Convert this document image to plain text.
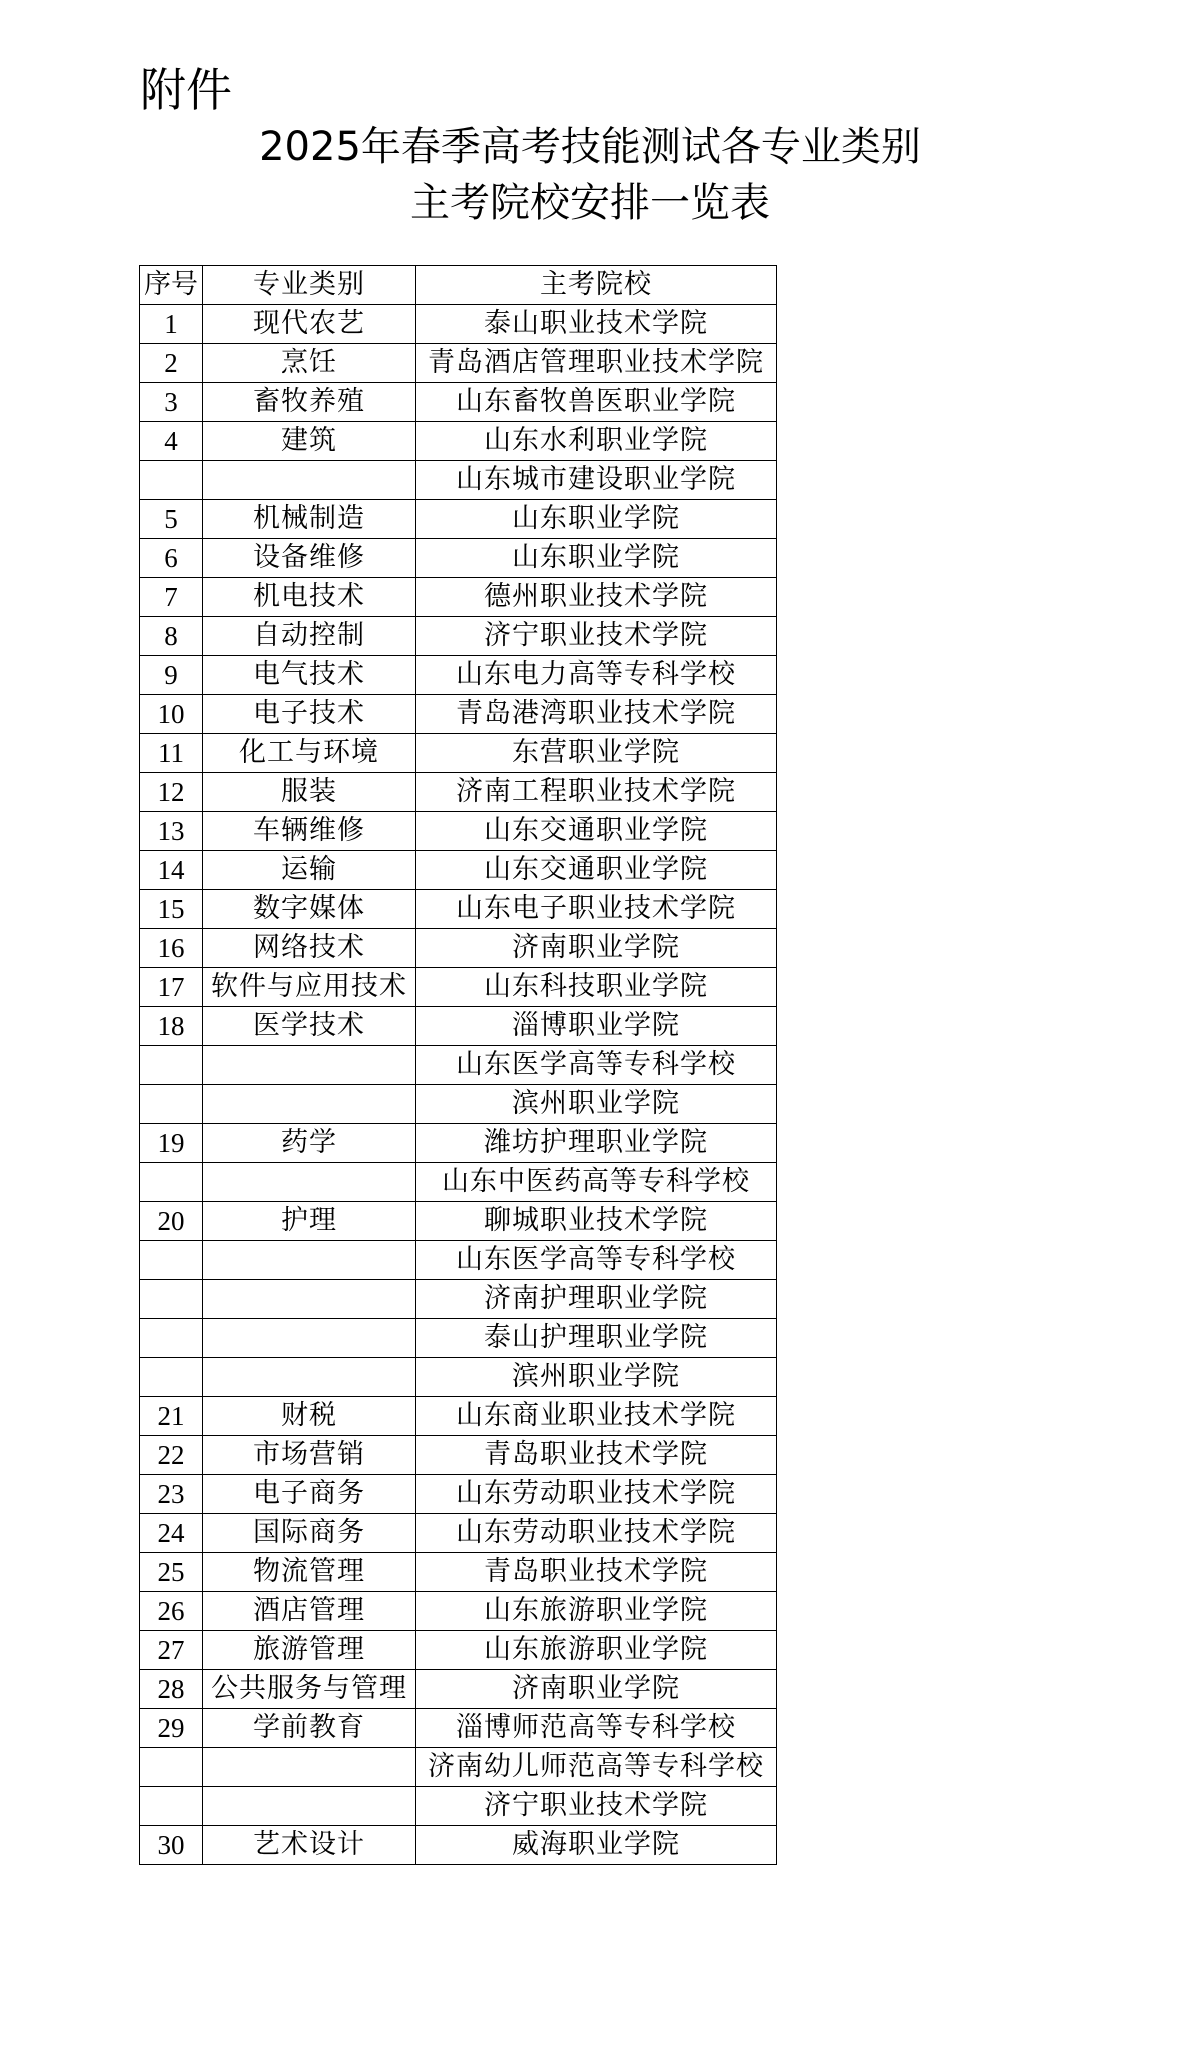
附件
2025年春季高考技能测试各专业类别
主考院校安排一览表
序号	专业类别	主考院校
1	现代农艺	泰山职业技术学院
2	烹饪	青岛酒店管理职业技术学院
3	畜牧养殖	山东畜牧兽医职业学院
4	建筑	山东水利职业学院
		山东城市建设职业学院
5	机械制造	山东职业学院
6	设备维修	山东职业学院
7	机电技术	德州职业技术学院
8	自动控制	济宁职业技术学院
9	电气技术	山东电力高等专科学校
10	电子技术	青岛港湾职业技术学院
11	化工与环境	东营职业学院
12	服装	济南工程职业技术学院
13	车辆维修	山东交通职业学院
14	运输	山东交通职业学院
15	数字媒体	山东电子职业技术学院
16	网络技术	济南职业学院
17	软件与应用技术	山东科技职业学院
18	医学技术	淄博职业学院
		山东医学高等专科学校
		滨州职业学院
19	药学	潍坊护理职业学院
		山东中医药高等专科学校
20	护理	聊城职业技术学院
		山东医学高等专科学校
		济南护理职业学院
		泰山护理职业学院
		滨州职业学院
21	财税	山东商业职业技术学院
22	市场营销	青岛职业技术学院
23	电子商务	山东劳动职业技术学院
24	国际商务	山东劳动职业技术学院
25	物流管理	青岛职业技术学院
26	酒店管理	山东旅游职业学院
27	旅游管理	山东旅游职业学院
28	公共服务与管理	济南职业学院
29	学前教育	淄博师范高等专科学校
		济南幼儿师范高等专科学校
		济宁职业技术学院
30	艺术设计	威海职业学院
